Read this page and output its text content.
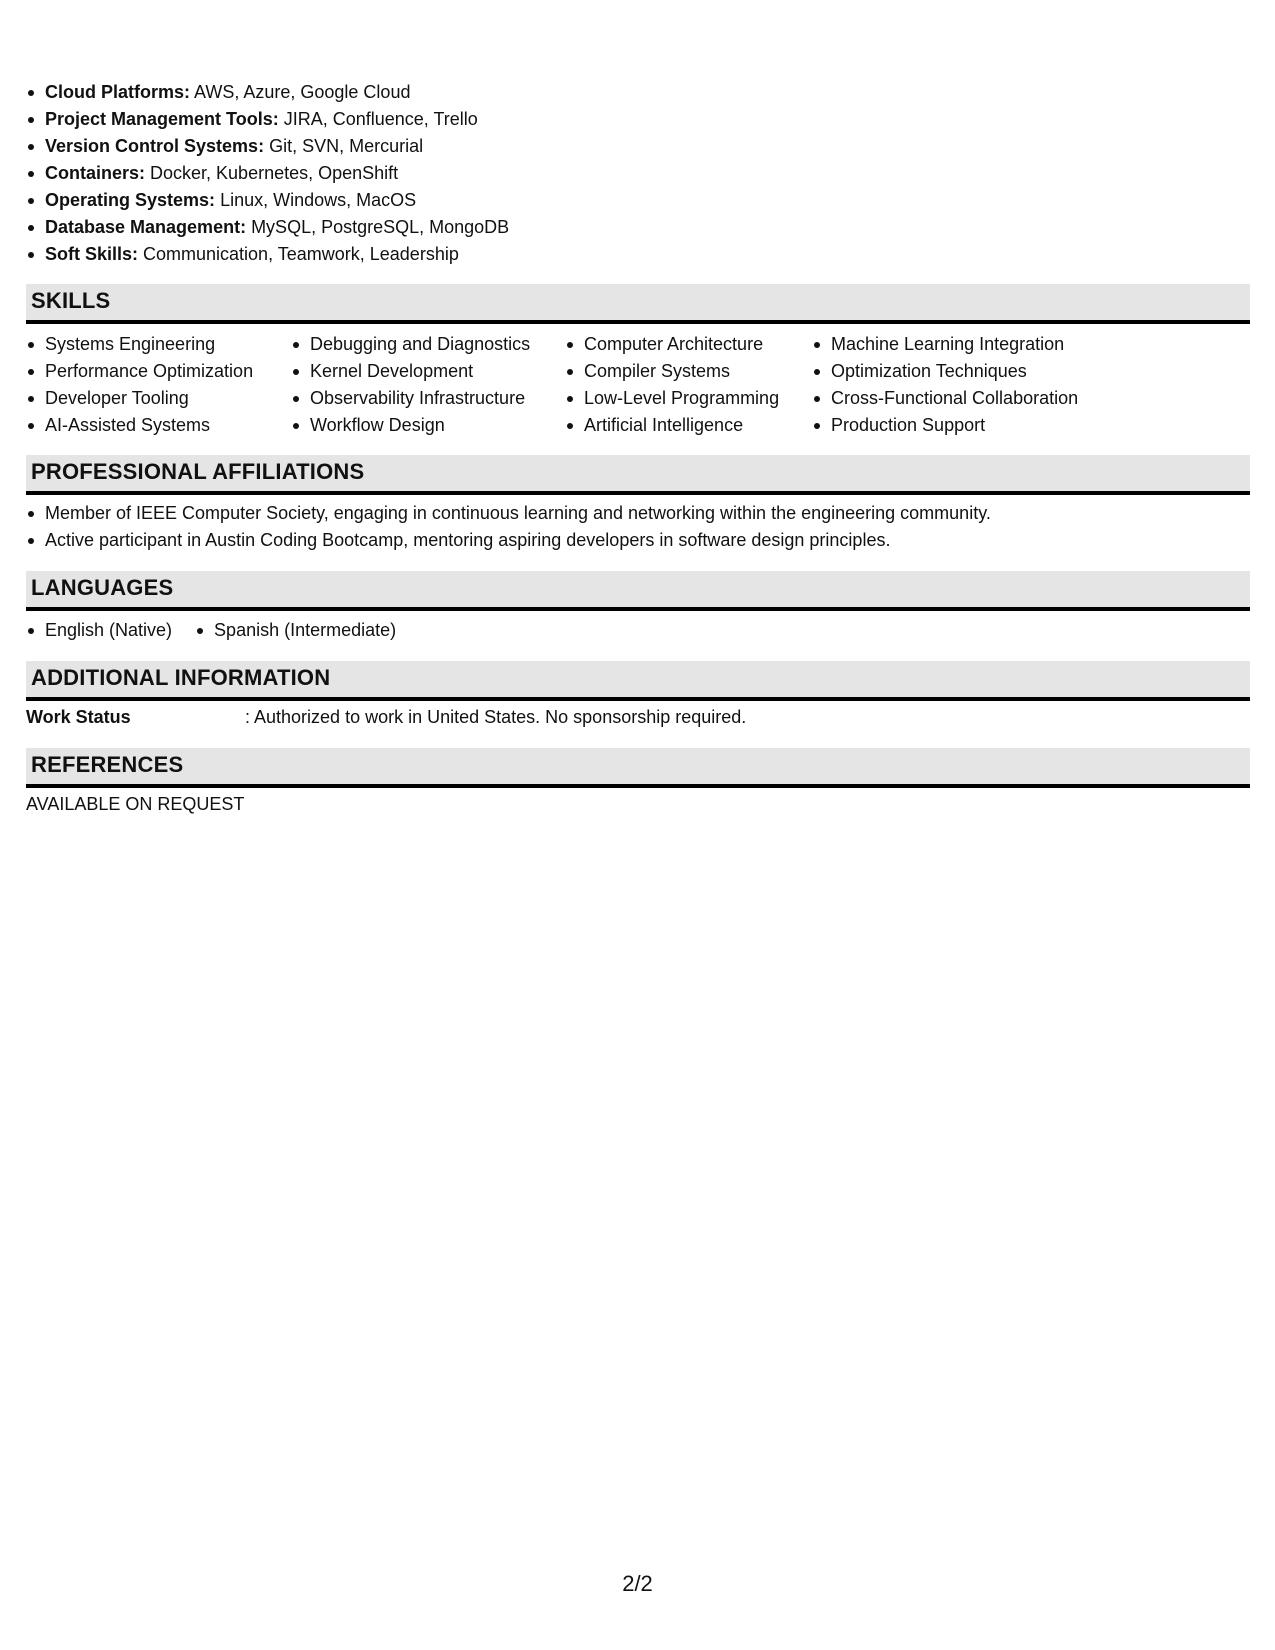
Cloud Platforms: AWS, Azure, Google Cloud
Project Management Tools: JIRA, Confluence, Trello
Version Control Systems: Git, SVN, Mercurial
Containers: Docker, Kubernetes, OpenShift
Operating Systems: Linux, Windows, MacOS
Database Management: MySQL, PostgreSQL, MongoDB
Soft Skills: Communication, Teamwork, Leadership
SKILLS
Systems Engineering
Performance Optimization
Developer Tooling
AI-Assisted Systems
Debugging and Diagnostics
Kernel Development
Observability Infrastructure
Workflow Design
Computer Architecture
Compiler Systems
Low-Level Programming
Artificial Intelligence
Machine Learning Integration
Optimization Techniques
Cross-Functional Collaboration
Production Support
PROFESSIONAL AFFILIATIONS
Member of IEEE Computer Society, engaging in continuous learning and networking within the engineering community.
Active participant in Austin Coding Bootcamp, mentoring aspiring developers in software design principles.
LANGUAGES
English (Native)	Spanish (Intermediate)
ADDITIONAL INFORMATION
Work Status	: Authorized to work in United States. No sponsorship required.
REFERENCES
AVAILABLE ON REQUEST
2/2
